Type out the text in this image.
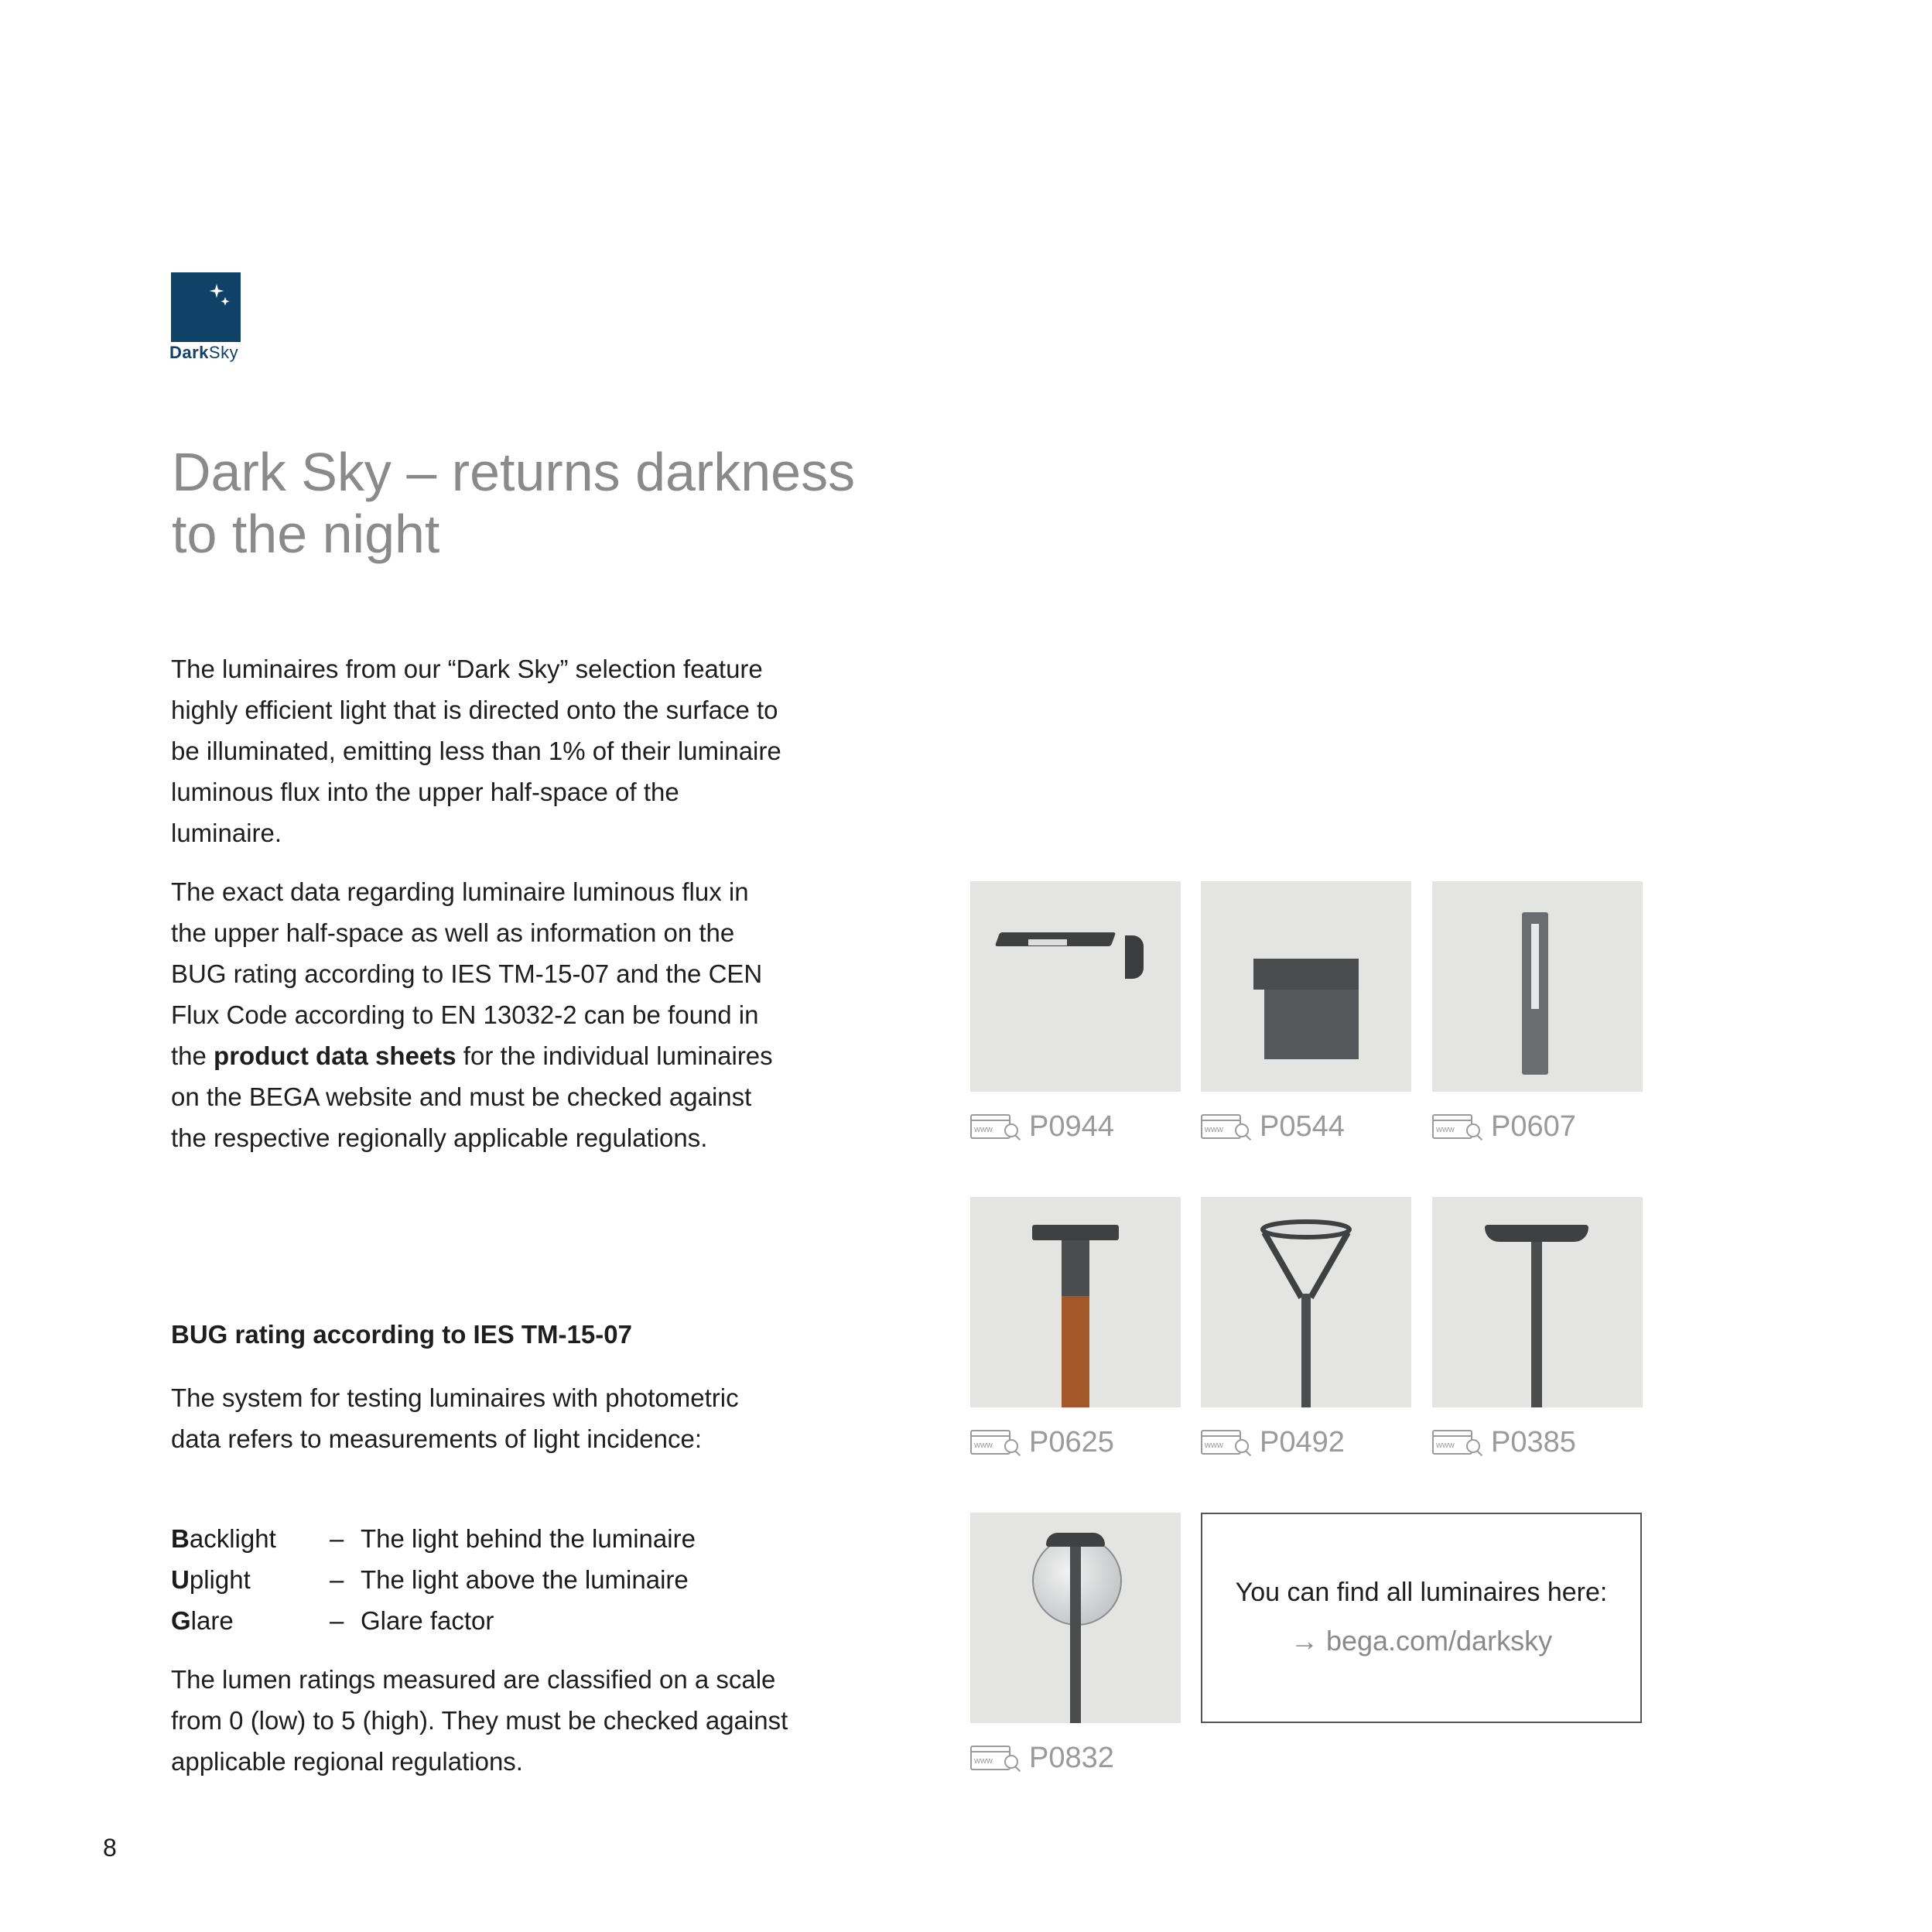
DarkSky
Dark Sky – returns darkness
to the night

The luminaires from our “Dark Sky” selection feature highly efficient light that is directed onto the surface to be illuminated, emitting less than 1% of their luminaire luminous flux into the upper half-space of the luminaire.

The exact data regarding luminaire luminous flux in the upper half-space as well as information on the BUG rating according to IES TM-15-07 and the CEN Flux Code according to EN 13032-2 can be found in the product data sheets for the individual luminaires on the BEGA website and must be checked against the respective regionally applicable regulations.

BUG rating according to IES TM-15-07

The system for testing luminaires with photometric data refers to measurements of light incidence:

Backlight	– The light behind the luminaire
Uplight	– The light above the luminaire
Glare	– Glare factor

The lumen ratings measured are classified on a scale from 0 (low) to 5 (high). They must be checked against applicable regional regulations.

8
www P0944	www P0544	www P0607
www P0625	www P0492	www P0385
www P0832
You can find all luminaires here:
→ bega.com/darksky
